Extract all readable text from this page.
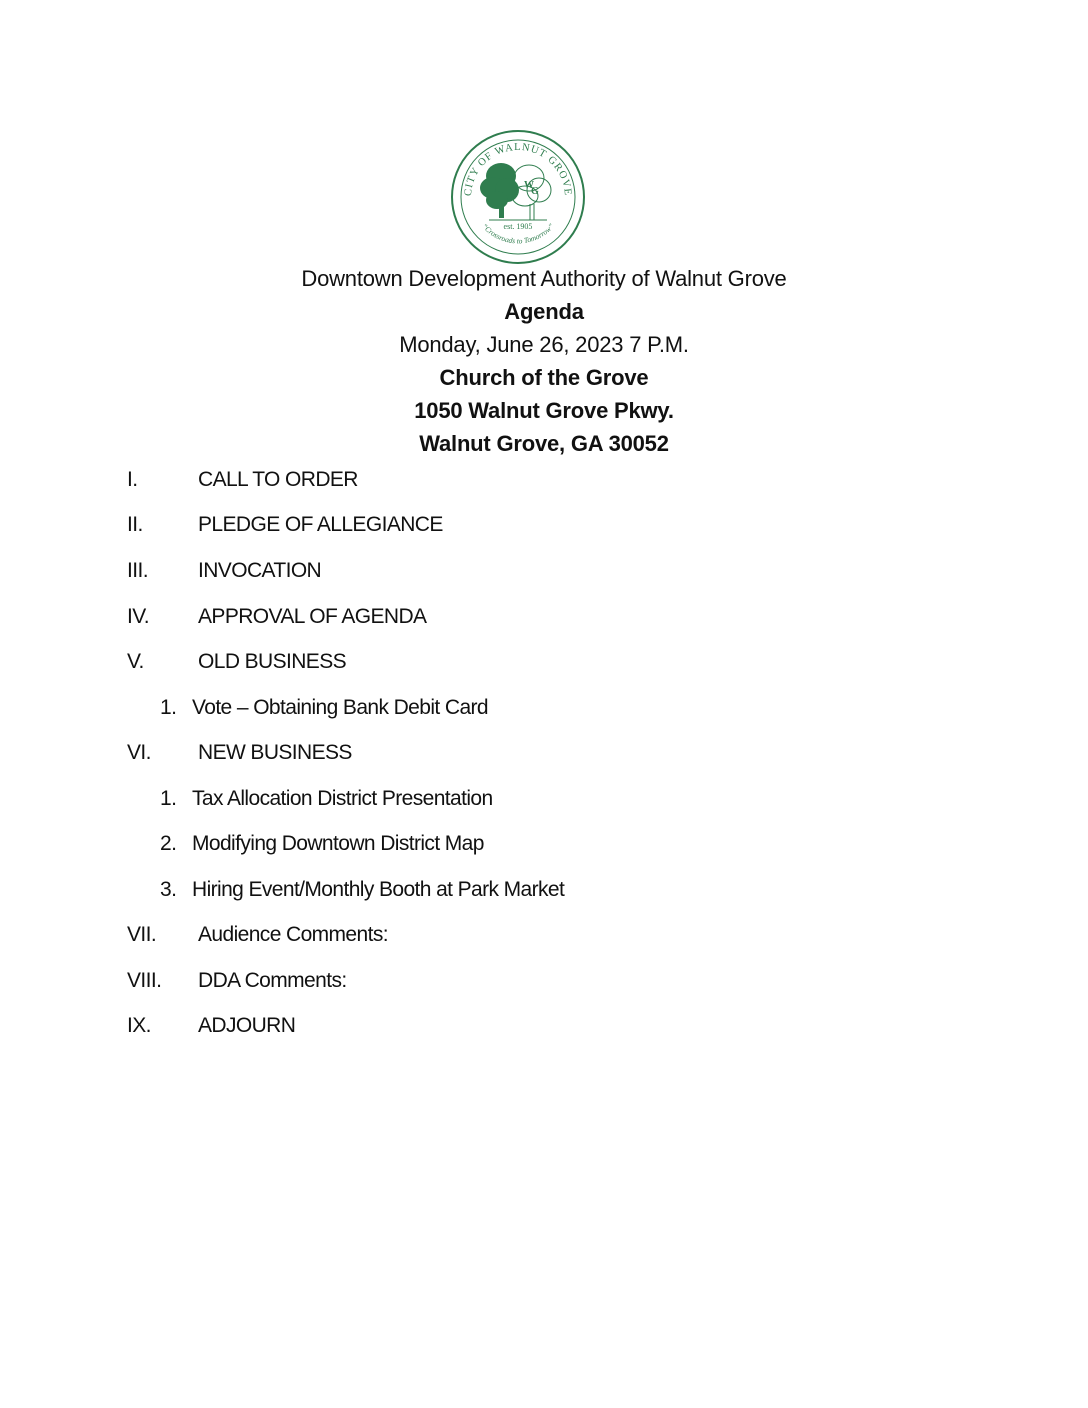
CITY OF WALNUT GROVE
“Crossroads to Tomorrow”
W
G
est. 1905
Downtown Development Authority of Walnut Grove
Agenda
Monday, June 26, 2023 7 P.M.
Church of the Grove
1050 Walnut Grove Pkwy.
Walnut Grove, GA 30052
I.	CALL TO ORDER
II.	PLEDGE OF ALLEGIANCE
III. INVOCATION
IV. APPROVAL OF AGENDA
V.	OLD BUSINESS
1. Vote – Obtaining Bank Debit Card
VI. NEW BUSINESS
1. Tax Allocation District Presentation
2. Modifying Downtown District Map
3. Hiring Event/Monthly Booth at Park Market
VII. Audience Comments:
VIII. DDA Comments:
IX. ADJOURN
